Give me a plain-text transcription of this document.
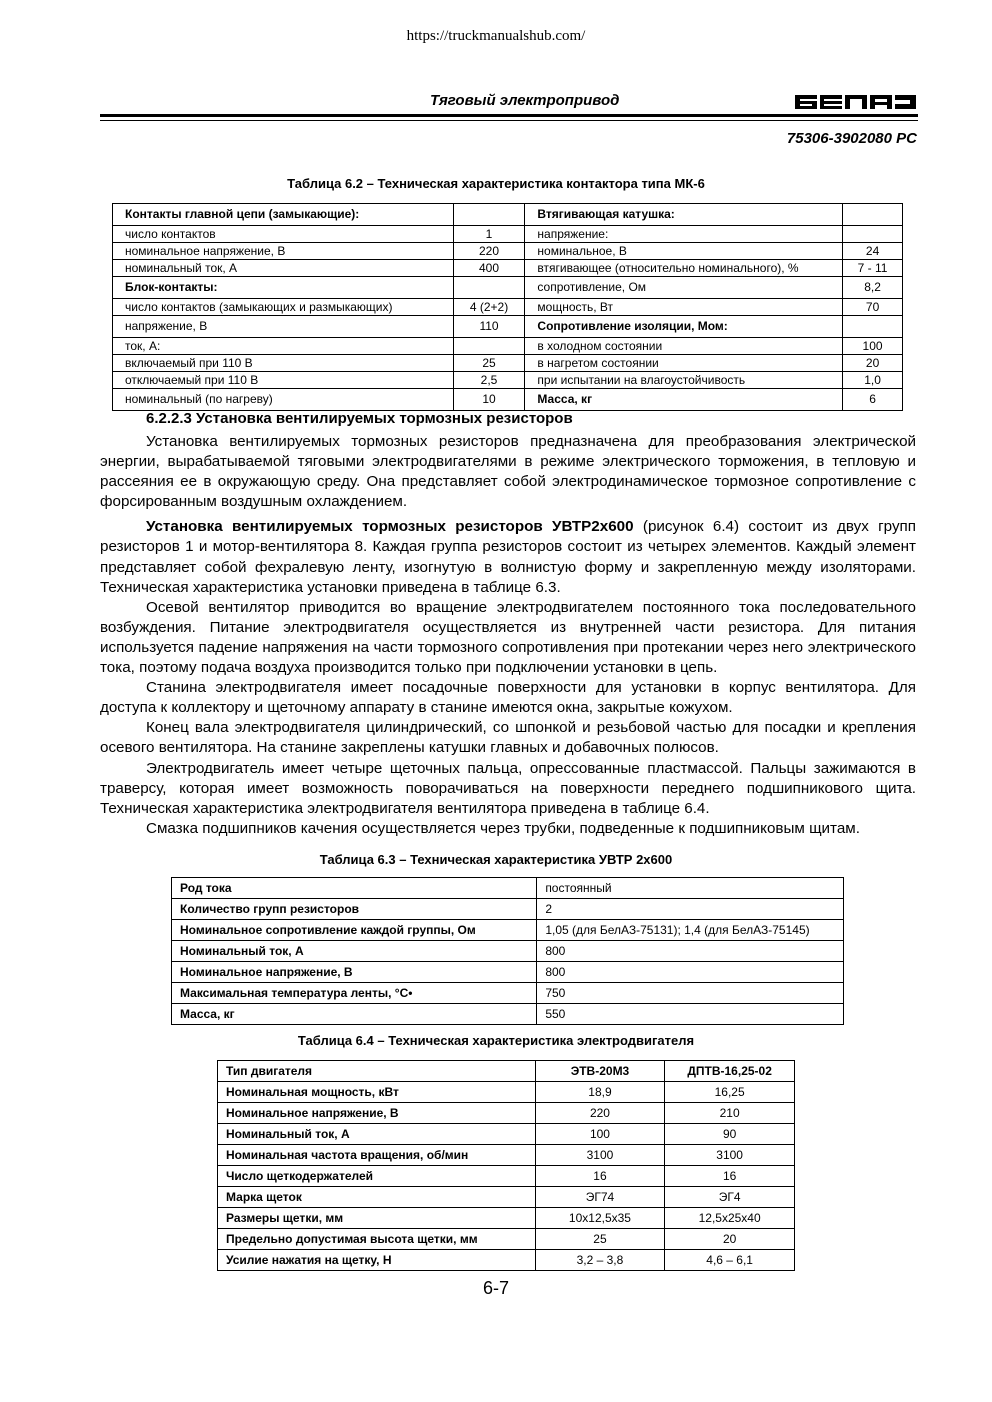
https://truckmanualshub.com/
Тяговый электропривод
75306-3902080 РС
Таблица 6.2 – Техническая характеристика контактора типа МК-6
Контакты главной цепи (замыкающие):		Втягивающая катушка:	
число контактов	1	напряжение:	
номинальное напряжение, В	220	номинальное, В	24
номинальный ток, А	400	втягивающее (относительно номинального), %	7 - 11
Блок-контакты:		сопротивление, Ом	8,2
число контактов (замыкающих и размыкающих)	4 (2+2)	мощность, Вт	70
напряжение, В	110	Сопротивление изоляции, Мом:	
ток, А:		в холодном состоянии	100
включаемый при 110 В	25	в нагретом состоянии	20
отключаемый при 110 В	2,5	при испытании на влагоустойчивость	1,0
номинальный (по нагреву)	10	Масса, кг	6
6.2.2.3 Установка вентилируемых тормозных резисторов

Установка вентилируемых тормозных резисторов предназначена для преобразования электрической энергии, вырабатываемой тяговыми электродвигателями в режиме электрического торможения, в тепловую и рассеяния ее в окружающую среду. Она представляет собой электродинамическое тормозное сопротивление с форсированным воздушным охлаждением.

Установка вентилируемых тормозных резисторов УВТР2х600 (рисунок 6.4) состоит из двух групп резисторов 1 и мотор-вентилятора 8. Каждая группа резисторов состоит из четырех элементов. Каждый элемент представляет собой фехралевую ленту, изогнутую в волнистую форму и закрепленную между изоляторами. Техническая характеристика установки приведена в таблице 6.3.

Осевой вентилятор приводится во вращение электродвигателем постоянного тока последовательного возбуждения. Питание электродвигателя осуществляется из внутренней части резистора. Для питания используется падение напряжения на части тормозного сопротивления при протекании через него электрического тока, поэтому подача воздуха производится только при подключении установки в цепь.

Станина электродвигателя имеет посадочные поверхности для установки в корпус вентилятора. Для доступа к коллектору и щеточному аппарату в станине имеются окна, закрытые кожухом.

Конец вала электродвигателя цилиндрический, со шпонкой и резьбовой частью для посадки и крепления осевого вентилятора. На станине закреплены катушки главных и добавочных полюсов.

Электродвигатель имеет четыре щеточных пальца, опрессованные пластмассой. Пальцы зажимаются в траверсу, которая имеет возможность поворачиваться на поверхности переднего подшипникового щита. Техническая характеристика электродвигателя вентилятора приведена в таблице 6.4.

Смазка подшипников качения осуществляется через трубки, подведенные к подшипниковым щитам.

Таблица 6.3 – Техническая характеристика УВТР 2х600
Род тока	постоянный
Количество групп резисторов	2
Номинальное сопротивление каждой группы, Ом	1,05 (для БелАЗ-75131); 1,4 (для БелАЗ-75145)
Номинальный ток, А	800
Номинальное напряжение, В	800
Максимальная температура ленты, °С•	750
Масса, кг	550
Таблица 6.4 – Техническая характеристика электродвигателя
Тип двигателя	ЭТВ-20М3	ДПТВ-16,25-02
Номинальная мощность, кВт	18,9	16,25
Номинальное напряжение, В	220	210
Номинальный ток, А	100	90
Номинальная частота вращения, об/мин	3100	3100
Число щеткодержателей	16	16
Марка щеток	ЭГ74	ЭГ4
Размеры щетки, мм	10х12,5х35	12,5х25х40
Предельно допустимая высота щетки, мм	25	20
Усилие нажатия на щетку, Н	3,2 – 3,8	4,6 – 6,1
6-7
